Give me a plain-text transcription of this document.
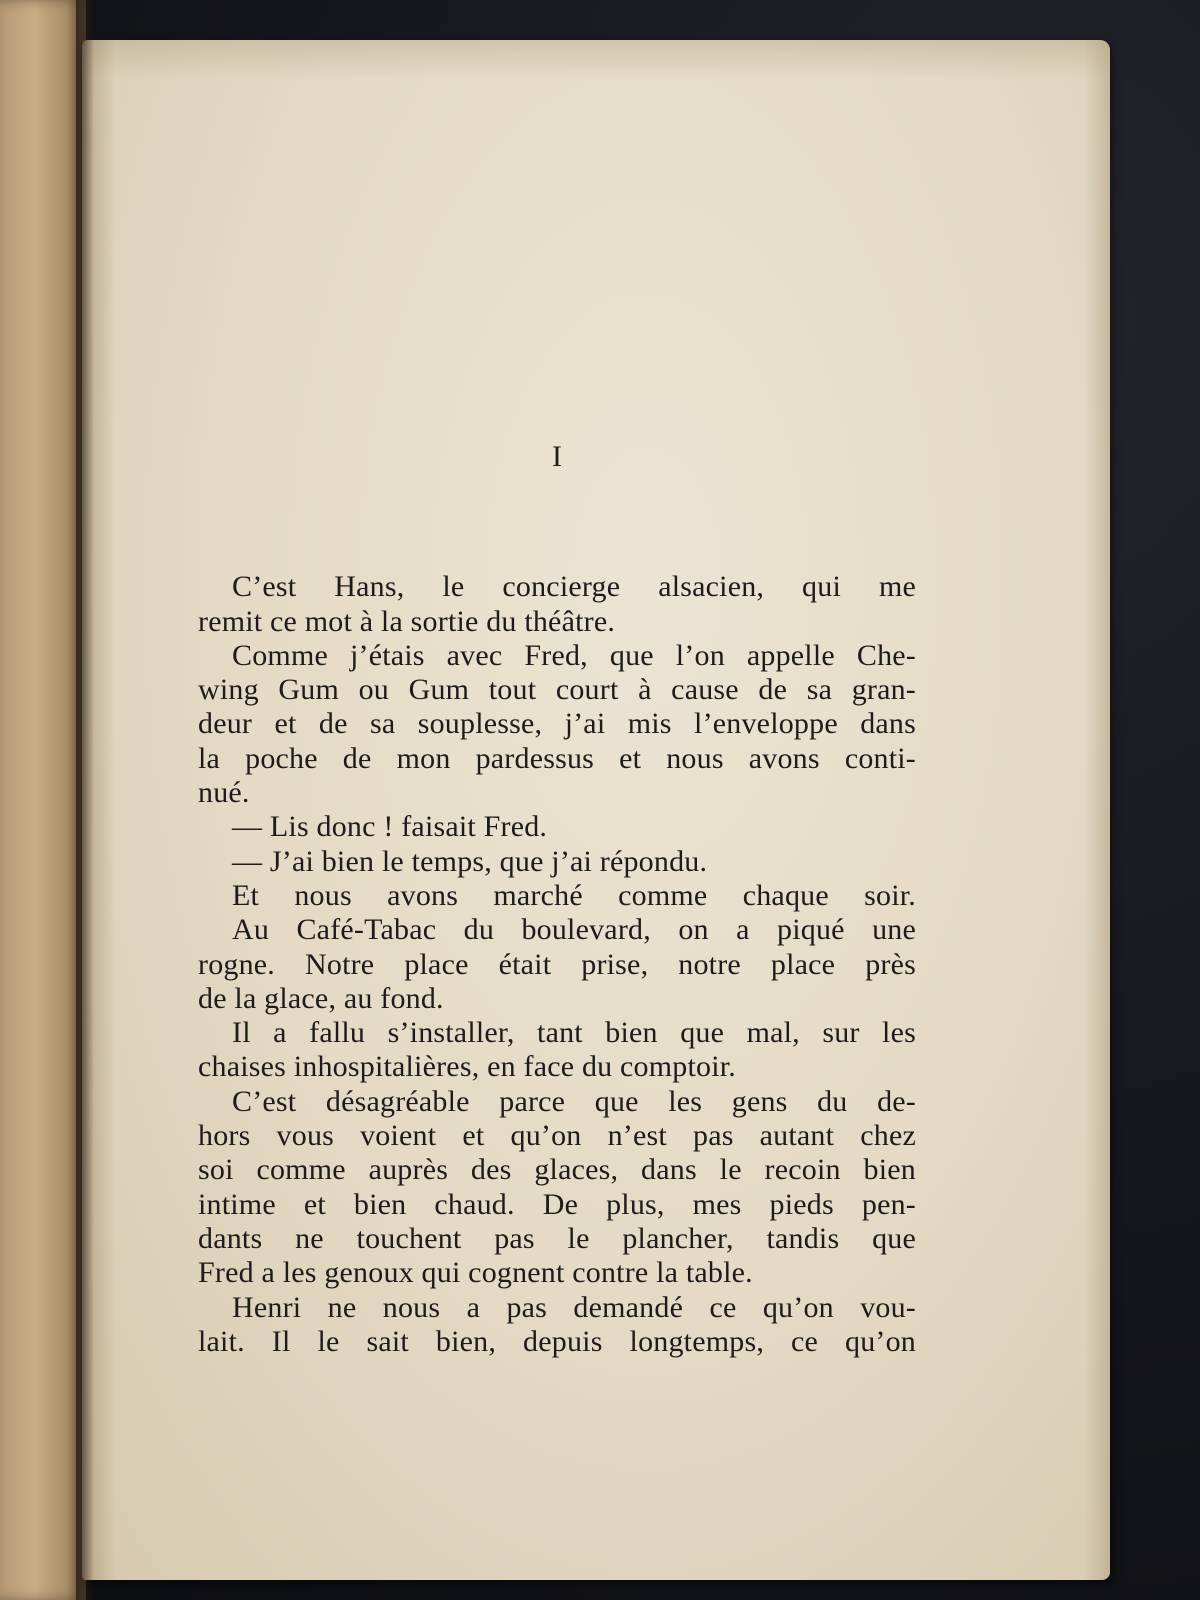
I
C’est Hans, le concierge alsacien, qui me
remit ce mot à la sortie du théâtre.
Comme j’étais avec Fred, que l’on appelle Che-
wing Gum ou Gum tout court à cause de sa gran-
deur et de sa souplesse, j’ai mis l’enveloppe dans
la poche de mon pardessus et nous avons conti-
nué.
— Lis donc ! faisait Fred.
— J’ai bien le temps, que j’ai répondu.
Et nous avons marché comme chaque soir.
Au Café-Tabac du boulevard, on a piqué une
rogne. Notre place était prise, notre place près
de la glace, au fond.
Il a fallu s’installer, tant bien que mal, sur les
chaises inhospitalières, en face du comptoir.
C’est désagréable parce que les gens du de-
hors vous voient et qu’on n’est pas autant chez
soi comme auprès des glaces, dans le recoin bien
intime et bien chaud. De plus, mes pieds pen-
dants ne touchent pas le plancher, tandis que
Fred a les genoux qui cognent contre la table.
Henri ne nous a pas demandé ce qu’on vou-
lait. Il le sait bien, depuis longtemps, ce qu’on
